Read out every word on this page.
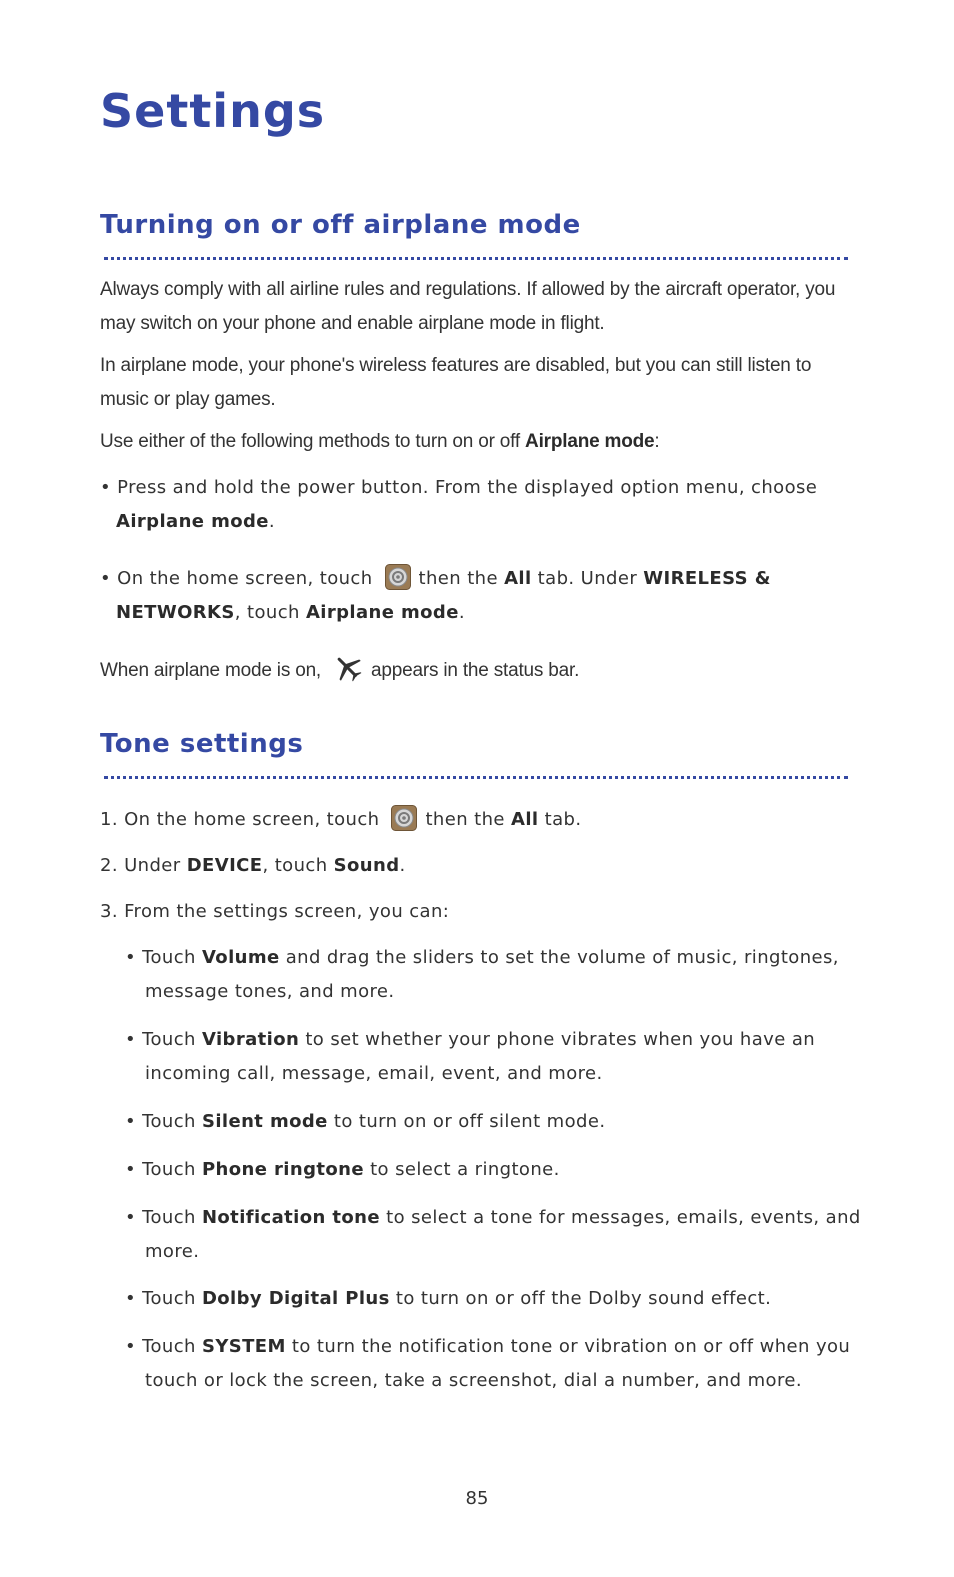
Settings
Turning on or off airplane mode

Always comply with all airline rules and regulations. If allowed by the aircraft operator, you may switch on your phone and enable airplane mode in flight.

In airplane mode, your phone's wireless features are disabled, but you can still listen to music or play games.

Use either of the following methods to turn on or off Airplane mode:

• Press and hold the power button. From the displayed option menu, choose
Airplane mode.
• On the home screen, touch	then the All tab. Under WIRELESS &
NETWORKS, touch Airplane mode.

When airplane mode is on,	appears in the status bar.

Tone settings
1. On the home screen, touch	then the All tab.
2. Under DEVICE, touch Sound.
3. From the settings screen, you can:
• Touch Volume and drag the sliders to set the volume of music, ringtones,
message tones, and more.
• Touch Vibration to set whether your phone vibrates when you have an
incoming call, message, email, event, and more.
• Touch Silent mode to turn on or off silent mode.
• Touch Phone ringtone to select a ringtone.
• Touch Notification tone to select a tone for messages, emails, events, and
more.
• Touch Dolby Digital Plus to turn on or off the Dolby sound effect.
• Touch SYSTEM to turn the notification tone or vibration on or off when you
touch or lock the screen, take a screenshot, dial a number, and more.
85
